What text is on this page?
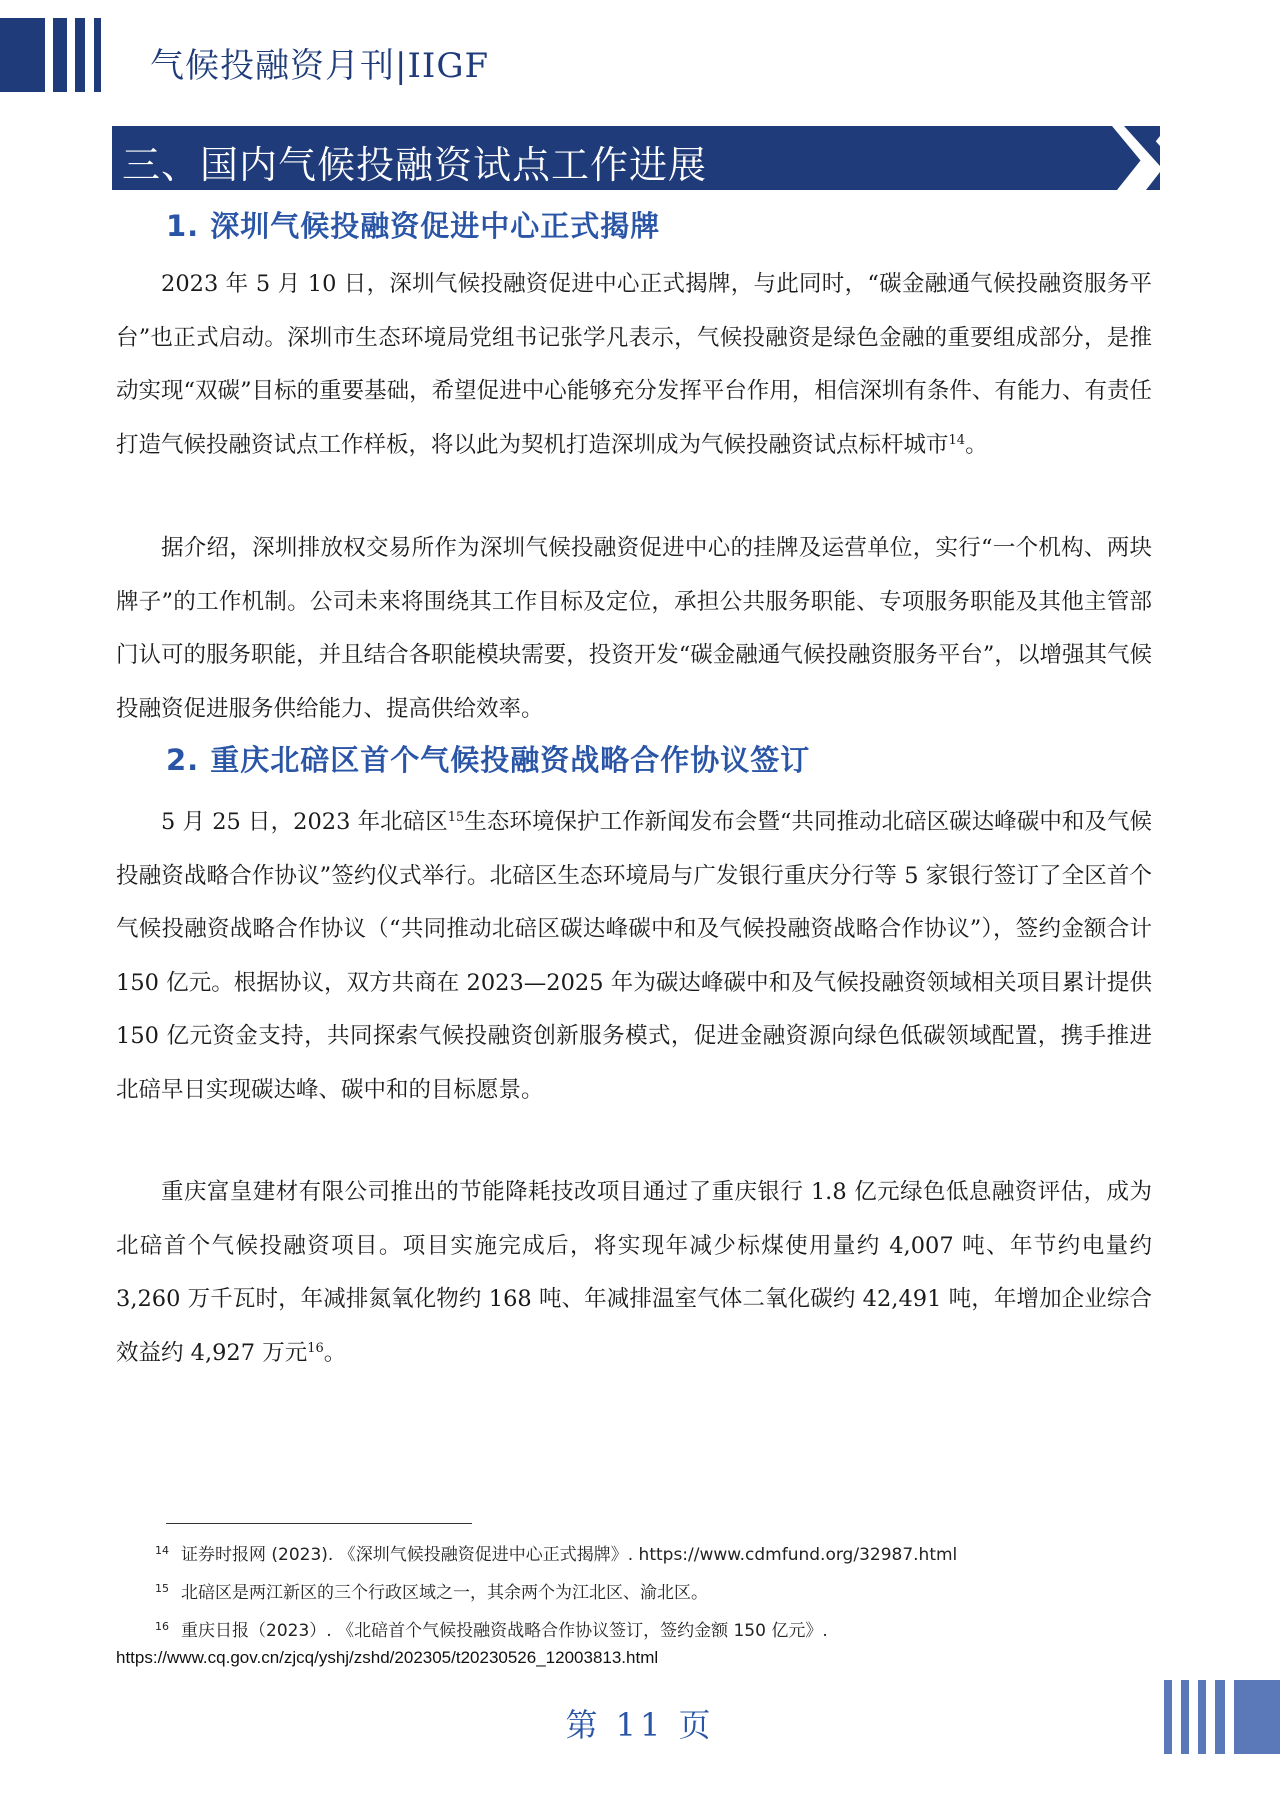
气候投融资月刊|IIGF
三、国内气候投融资试点工作进展
1. 深圳气候投融资促进中心正式揭牌
2023 年 5 月 10 日，深圳气候投融资促进中心正式揭牌，与此同时，“碳金融通气候投融资服务平台”也正式启动。深圳市生态环境局党组书记张学凡表示，气候投融资是绿色金融的重要组成部分，是推动实现“双碳”目标的重要基础，希望促进中心能够充分发挥平台作用，相信深圳有条件、有能力、有责任打造气候投融资试点工作样板，将以此为契机打造深圳成为气候投融资试点标杆城市$^{14}$。
据介绍，深圳排放权交易所作为深圳气候投融资促进中心的挂牌及运营单位，实行“一个机构、两块牌子”的工作机制。公司未来将围绕其工作目标及定位，承担公共服务职能、专项服务职能及其他主管部门认可的服务职能，并且结合各职能模块需要，投资开发“碳金融通气候投融资服务平台”，以增强其气候投融资促进服务供给能力、提高供给效率。
2. 重庆北碚区首个气候投融资战略合作协议签订
5 月 25 日，2023 年北碚区$^{15}$生态环境保护工作新闻发布会暨“共同推动北碚区碳达峰碳中和及气候投融资战略合作协议”签约仪式举行。北碚区生态环境局与广发银行重庆分行等 5 家银行签订了全区首个气候投融资战略合作协议（“共同推动北碚区碳达峰碳中和及气候投融资战略合作协议”），签约金额合计 150 亿元。根据协议，双方共商在 2023—2025 年为碳达峰碳中和及气候投融资领域相关项目累计提供 150 亿元资金支持，共同探索气候投融资创新服务模式，促进金融资源向绿色低碳领域配置，携手推进北碚早日实现碳达峰、碳中和的目标愿景。
重庆富皇建材有限公司推出的节能降耗技改项目通过了重庆银行 1.8 亿元绿色低息融资评估，成为北碚首个气候投融资项目。项目实施完成后，将实现年减少标煤使用量约 4,007 吨、年节约电量约 3,260 万千瓦时，年减排氮氧化物约 168 吨、年减排温室气体二氧化碳约 42,491 吨，年增加企业综合效益约 4,927 万元$^{16}$。
$^{14}$ 证券时报网 (2023). 《深圳气候投融资促进中心正式揭牌》. https://www.cdmfund.org/32987.html
$^{15}$ 北碚区是两江新区的三个行政区域之一，其余两个为江北区、渝北区。
$^{16}$ 重庆日报（2023）. 《北碚首个气候投融资战略合作协议签订，签约金额 150 亿元》.
https://www.cq.gov.cn/zjcq/yshj/zshd/202305/t20230526_12003813.html
第 11 页
